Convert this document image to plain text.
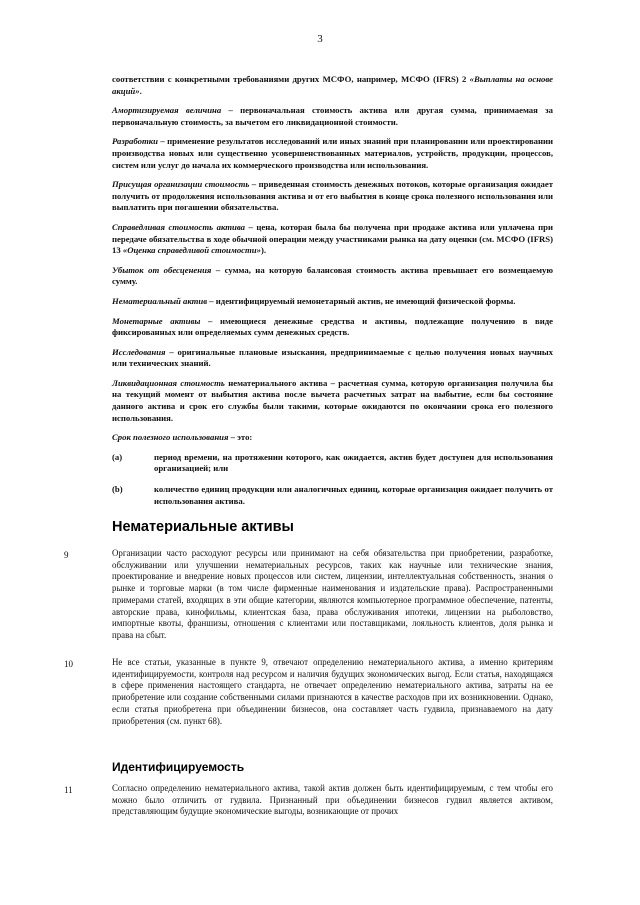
3

соответствии с конкретными требованиями других МСФО, например, МСФО (IFRS) 2 «Выплаты на основе акций».

Амортизируемая величина – первоначальная стоимость актива или другая сумма, принимаемая за первоначальную стоимость, за вычетом его ликвидационной стоимости.

Разработки – применение результатов исследований или иных знаний при планировании или проектировании производства новых или существенно усовершенствованных материалов, устройств, продукции, процессов, систем или услуг до начала их коммерческого производства или использования.

Присущая организации стоимость – приведенная стоимость денежных потоков, которые организация ожидает получить от продолжения использования актива и от его выбытия в конце срока полезного использования или выплатить при погашении обязательства.

Справедливая стоимость актива – цена, которая была бы получена при продаже актива или уплачена при передаче обязательства в ходе обычной операции между участниками рынка на дату оценки (см. МСФО (IFRS) 13 «Оценка справедливой стоимости»).

Убыток от обесценения – сумма, на которую балансовая стоимость актива превышает его возмещаемую сумму.

Нематериальный актив – идентифицируемый немонетарный актив, не имеющий физической формы.

Монетарные активы – имеющиеся денежные средства и активы, подлежащие получению в виде фиксированных или определяемых сумм денежных средств.

Исследования – оригинальные плановые изыскания, предпринимаемые с целью получения новых научных или технических знаний.

Ликвидационная стоимость нематериального актива – расчетная сумма, которую организация получила бы на текущий момент от выбытия актива после вычета расчетных затрат на выбытие, если бы состояние данного актива и срок его службы были такими, которые ожидаются по окончании срока его полезного использования.

Срок полезного использования – это:

(a)	период времени, на протяжении которого, как ожидается, актив будет доступен для использования организацией; или
(b)	количество единиц продукции или аналогичных единиц, которые организация ожидает получить от использования актива.
Нематериальные активы
9	Организации часто расходуют ресурсы или принимают на себя обязательства при приобретении, разработке, обслуживании или улучшении нематериальных ресурсов, таких как научные или технические знания, проектирование и внедрение новых процессов или систем, лицензии, интеллектуальная собственность, знания о рынке и торговые марки (в том числе фирменные наименования и издательские права). Распространенными примерами статей, входящих в эти общие категории, являются компьютерное программное обеспечение, патенты, авторские права, кинофильмы, клиентская база, права обслуживания ипотеки, лицензии на рыболовство, импортные квоты, франшизы, отношения с клиентами или поставщиками, лояльность клиентов, доля рынка и права на сбыт.
10	Не все статьи, указанные в пункте 9, отвечают определению нематериального актива, а именно критериям идентифицируемости, контроля над ресурсом и наличия будущих экономических выгод. Если статья, находящаяся в сфере применения настоящего стандарта, не отвечает определению нематериального актива, затраты на ее приобретение или создание собственными силами признаются в качестве расходов при их возникновении. Однако, если статья приобретена при объединении бизнесов, она составляет часть гудвила, признаваемого на дату приобретения (см. пункт 68).
Идентифицируемость
11	Согласно определению нематериального актива, такой актив должен быть идентифицируемым, с тем чтобы его можно было отличить от гудвила. Признанный при объединении бизнесов гудвил является активом, представляющим будущие экономические выгоды, возникающие от прочих
